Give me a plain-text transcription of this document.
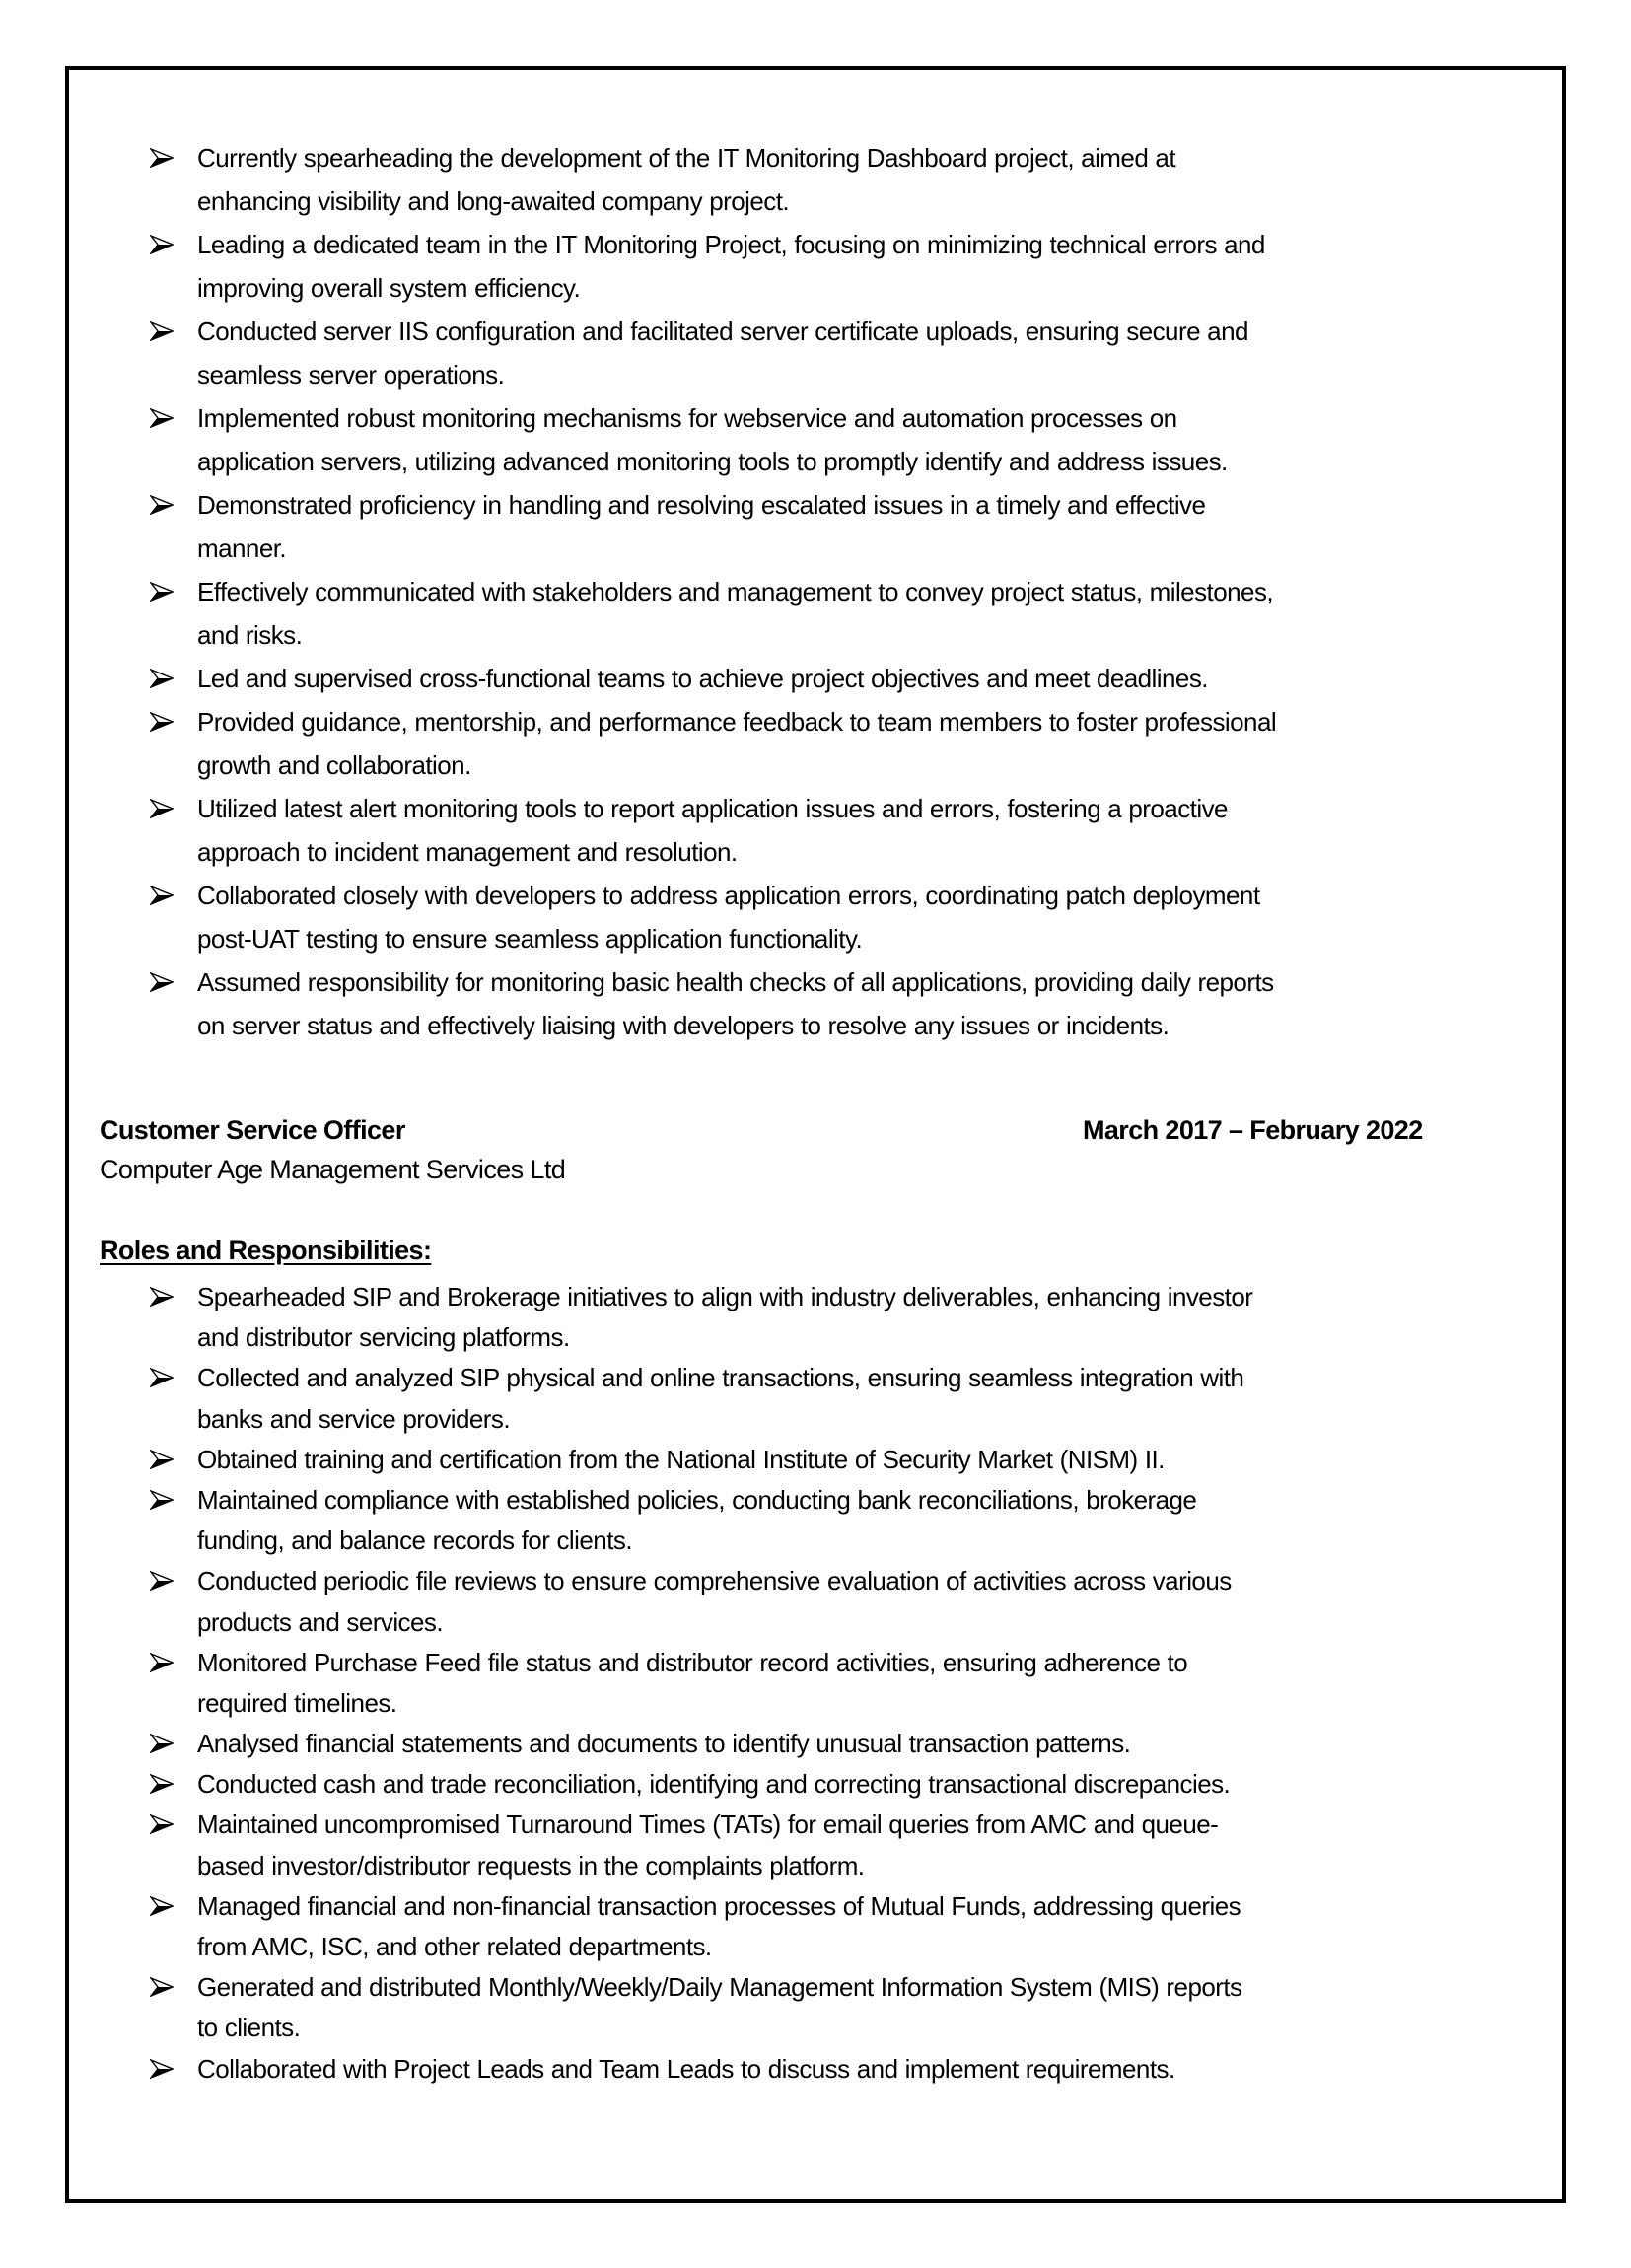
Currently spearheading the development of the IT Monitoring Dashboard project, aimed at
enhancing visibility and long-awaited company project.
Leading a dedicated team in the IT Monitoring Project, focusing on minimizing technical errors and
improving overall system efficiency.
Conducted server IIS configuration and facilitated server certificate uploads, ensuring secure and
seamless server operations.
Implemented robust monitoring mechanisms for webservice and automation processes on
application servers, utilizing advanced monitoring tools to promptly identify and address issues.
Demonstrated proficiency in handling and resolving escalated issues in a timely and effective
manner.
Effectively communicated with stakeholders and management to convey project status, milestones,
and risks.
Led and supervised cross-functional teams to achieve project objectives and meet deadlines.
Provided guidance, mentorship, and performance feedback to team members to foster professional
growth and collaboration.
Utilized latest alert monitoring tools to report application issues and errors, fostering a proactive
approach to incident management and resolution.
Collaborated closely with developers to address application errors, coordinating patch deployment
post-UAT testing to ensure seamless application functionality.
Assumed responsibility for monitoring basic health checks of all applications, providing daily reports
on server status and effectively liaising with developers to resolve any issues or incidents.
Customer Service Officer	March 2017 – February 2022
Computer Age Management Services Ltd
Roles and Responsibilities:
Spearheaded SIP and Brokerage initiatives to align with industry deliverables, enhancing investor
and distributor servicing platforms.
Collected and analyzed SIP physical and online transactions, ensuring seamless integration with
banks and service providers.
Obtained training and certification from the National Institute of Security Market (NISM) II.
Maintained compliance with established policies, conducting bank reconciliations, brokerage
funding, and balance records for clients.
Conducted periodic file reviews to ensure comprehensive evaluation of activities across various
products and services.
Monitored Purchase Feed file status and distributor record activities, ensuring adherence to
required timelines.
Analysed financial statements and documents to identify unusual transaction patterns.
Conducted cash and trade reconciliation, identifying and correcting transactional discrepancies.
Maintained uncompromised Turnaround Times (TATs) for email queries from AMC and queue-
based investor/distributor requests in the complaints platform.
Managed financial and non-financial transaction processes of Mutual Funds, addressing queries
from AMC, ISC, and other related departments.
Generated and distributed Monthly/Weekly/Daily Management Information System (MIS) reports
to clients.
Collaborated with Project Leads and Team Leads to discuss and implement requirements.
